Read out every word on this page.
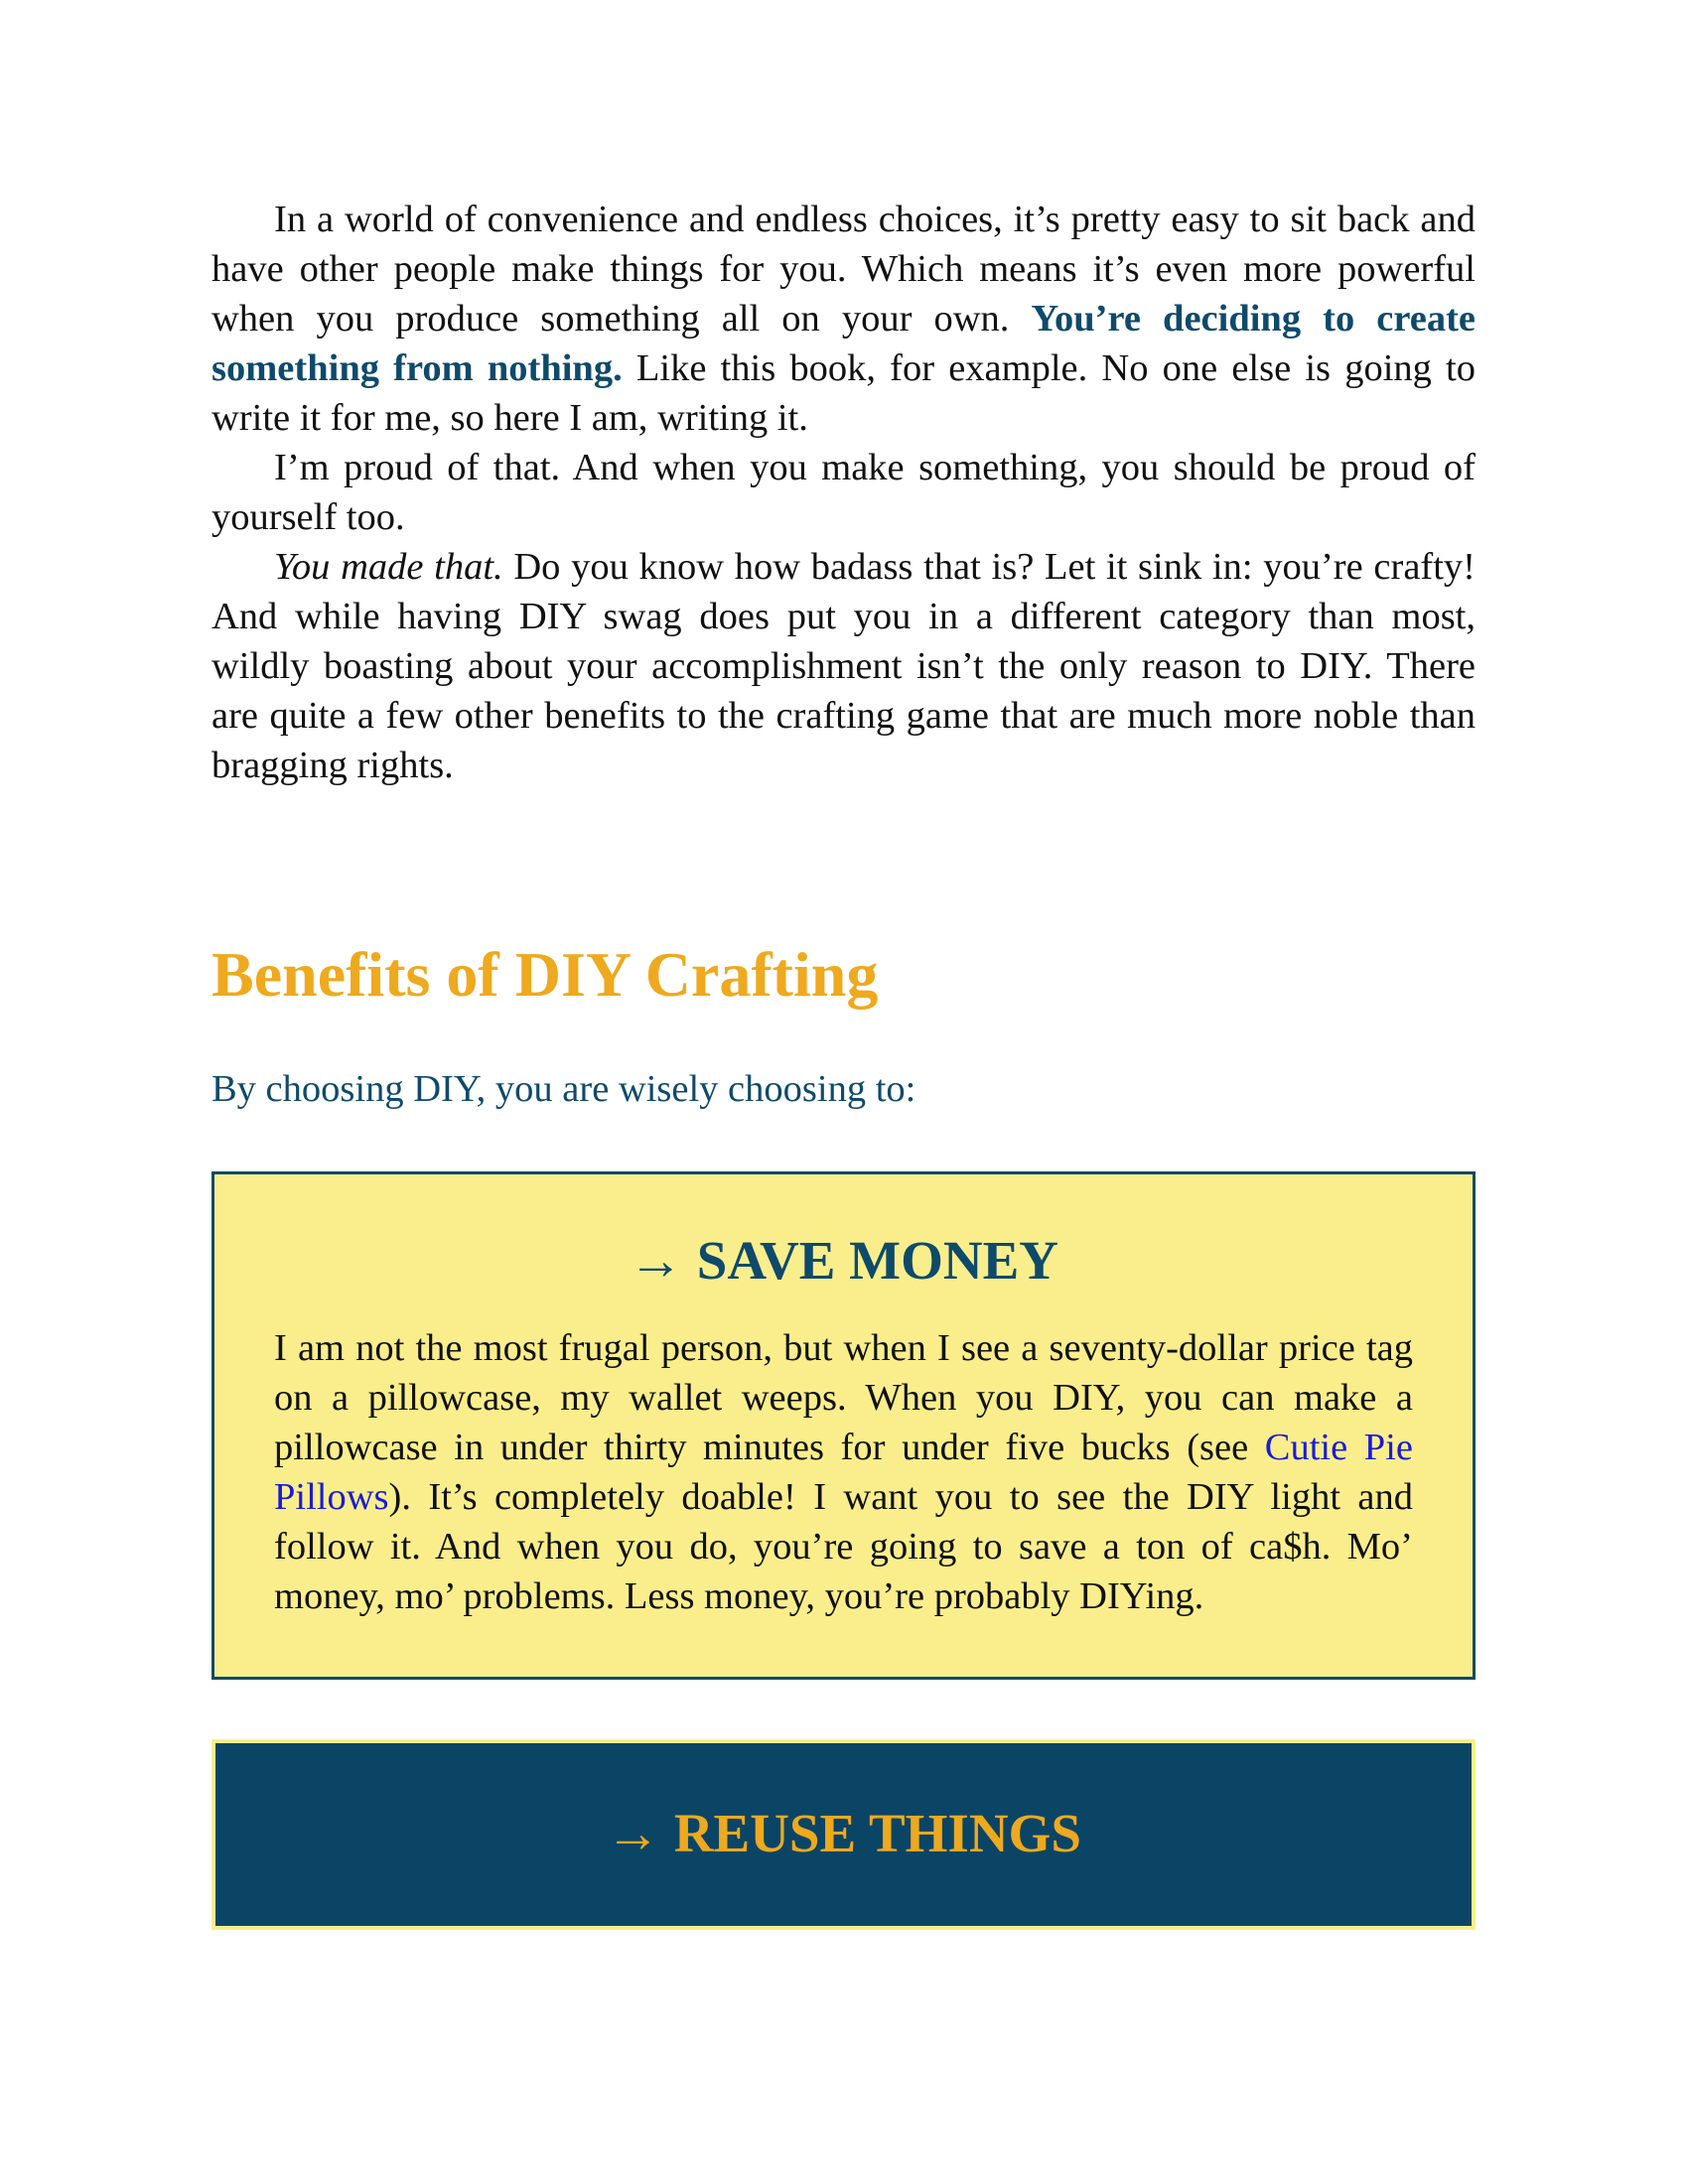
In a world of convenience and endless choices, it’s pretty easy to sit back and have other people make things for you. Which means it’s even more powerful when you produce something all on your own. You’re deciding to create something from nothing. Like this book, for example. No one else is going to write it for me, so here I am, writing it.

I’m proud of that. And when you make something, you should be proud of yourself too.

You made that. Do you know how badass that is? Let it sink in: you’re crafty! And while having DIY swag does put you in a different category than most, wildly boasting about your accomplishment isn’t the only reason to DIY. There are quite a few other benefits to the crafting game that are much more noble than bragging rights.

Benefits of DIY Crafting

By choosing DIY, you are wisely choosing to:

→ SAVE MONEY

I am not the most frugal person, but when I see a seventy-dollar price tag on a pillowcase, my wallet weeps. When you DIY, you can make a pillowcase in under thirty minutes for under five bucks (see Cutie Pie Pillows). It’s completely doable! I want you to see the DIY light and follow it. And when you do, you’re going to save a ton of ca$h. Mo’ money, mo’ problems. Less money, you’re probably DIYing.

→ REUSE THINGS
